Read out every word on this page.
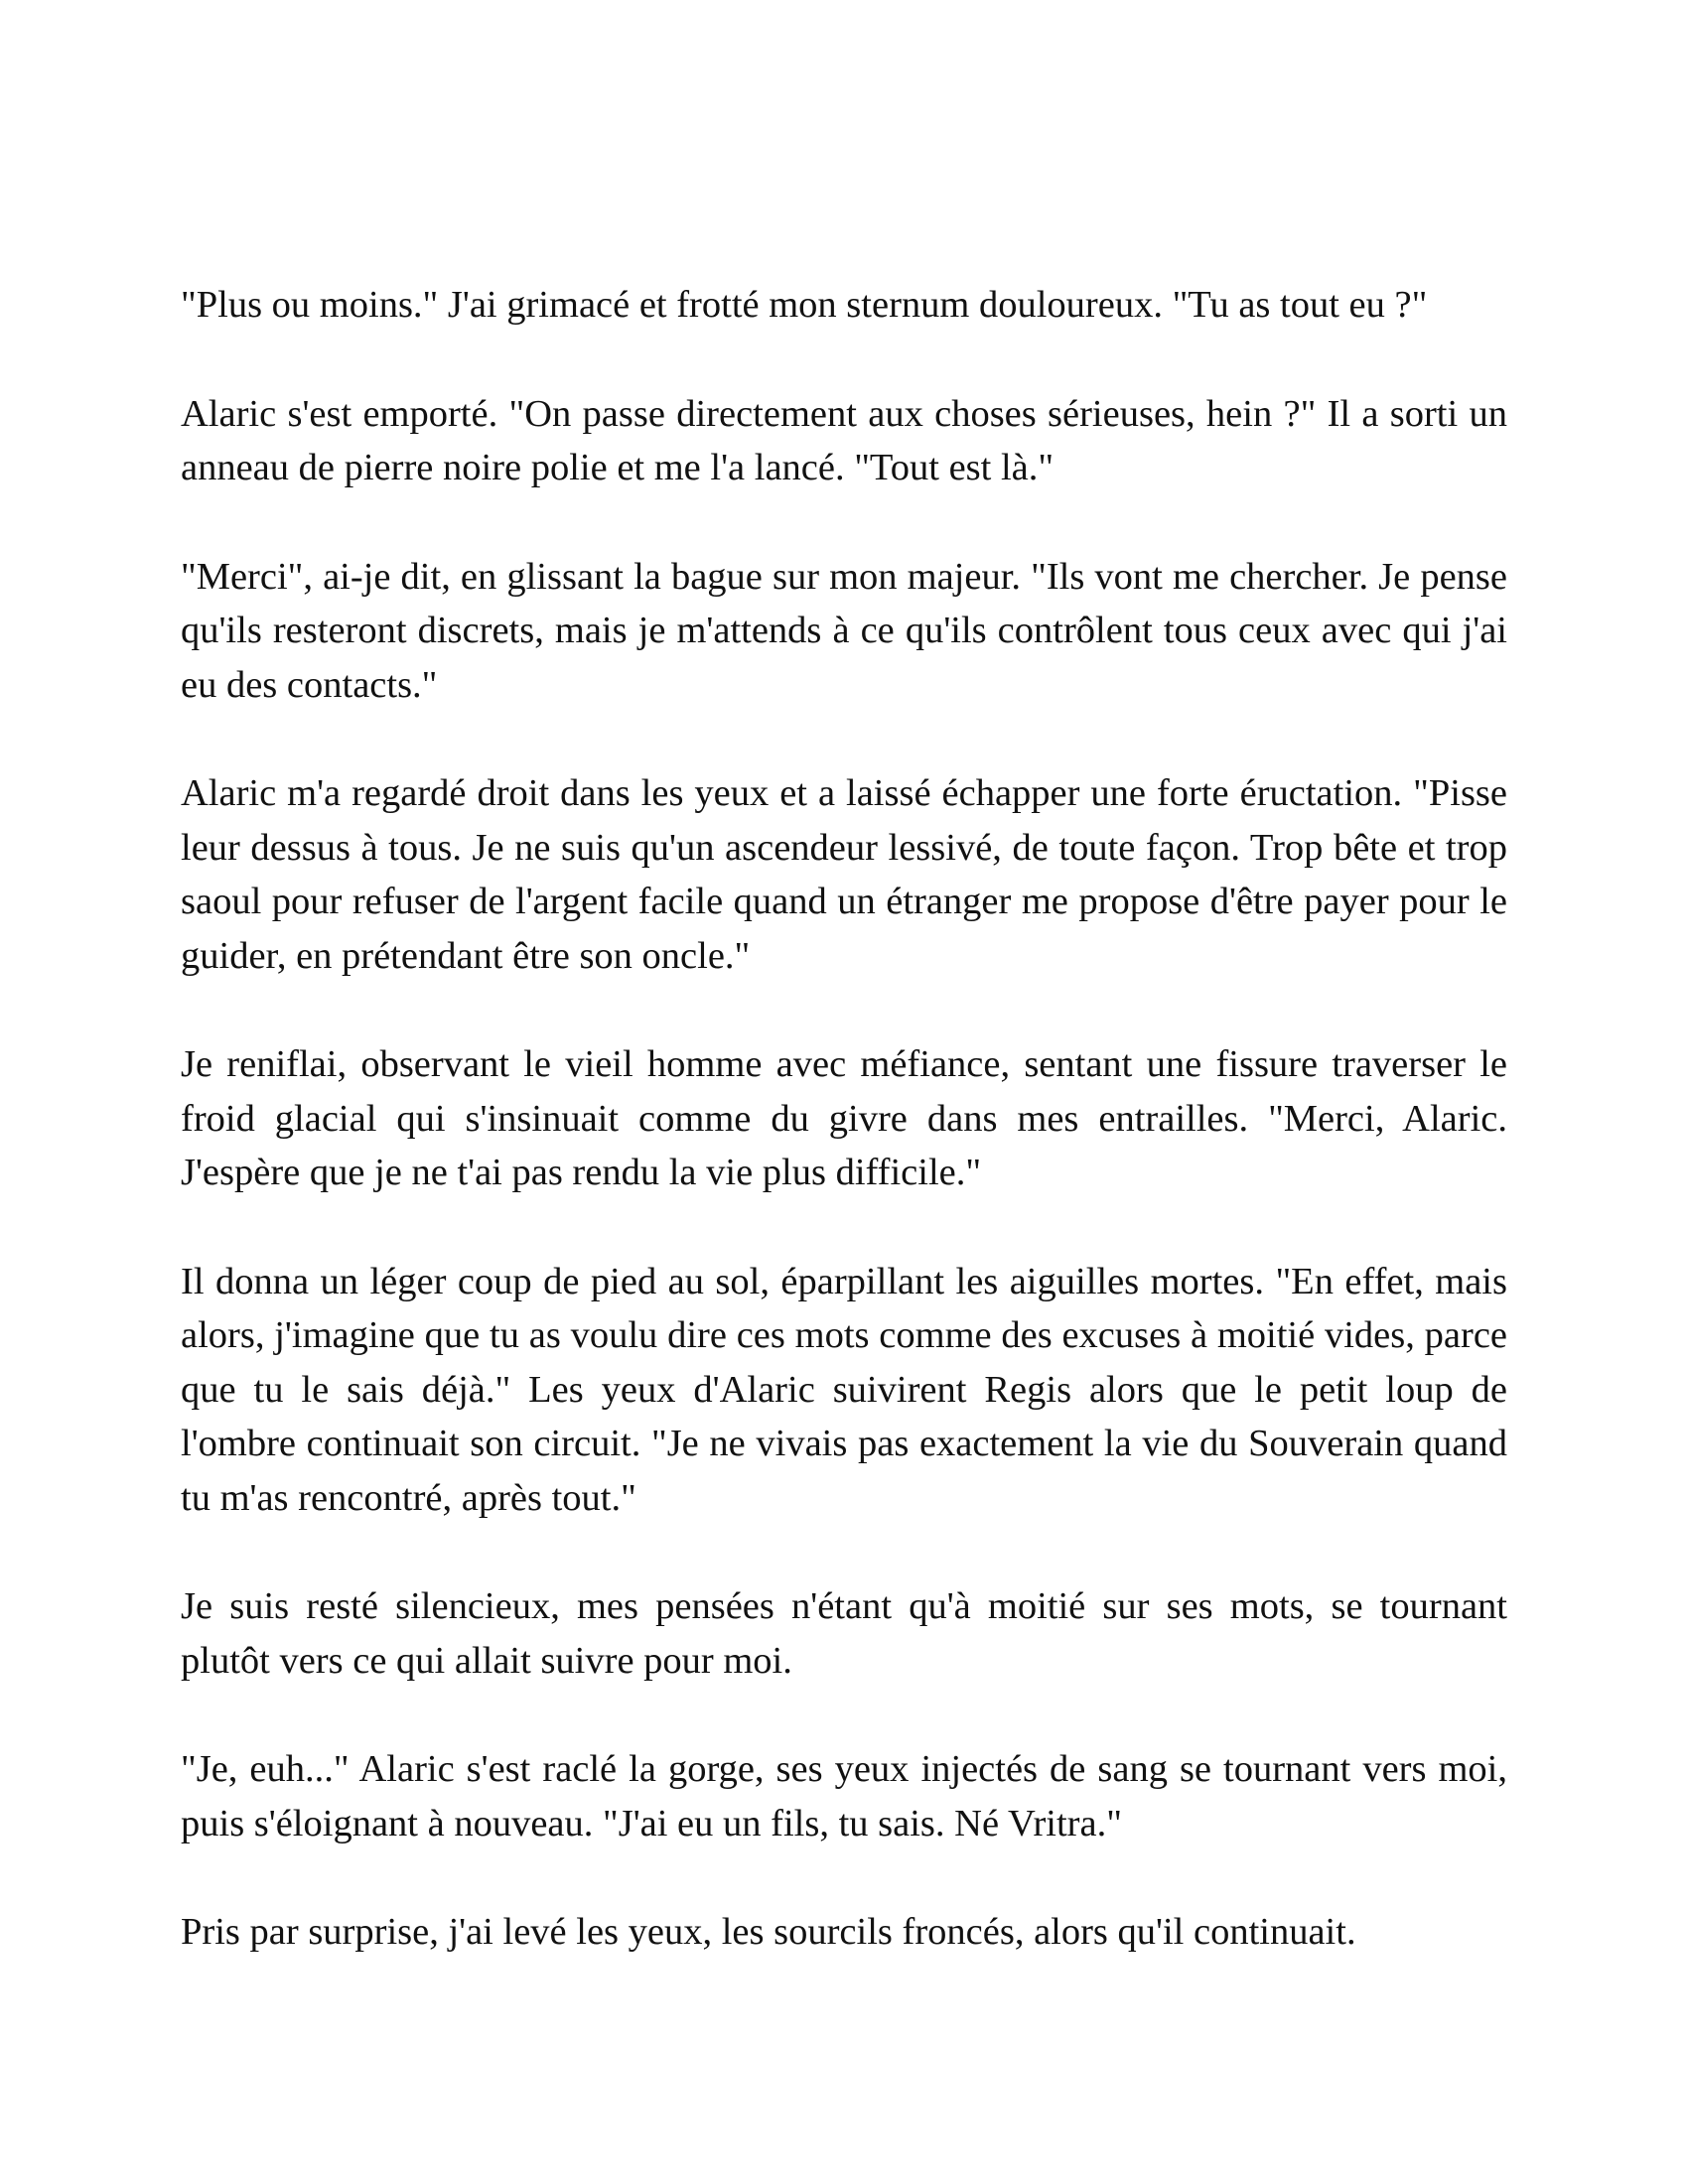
"Plus ou moins." J'ai grimacé et frotté mon sternum douloureux. "Tu as tout eu ?"

Alaric s'est emporté. "On passe directement aux choses sérieuses, hein ?" Il a sorti un anneau de pierre noire polie et me l'a lancé. "Tout est là."

"Merci", ai-je dit, en glissant la bague sur mon majeur. "Ils vont me chercher. Je pense qu'ils resteront discrets, mais je m'attends à ce qu'ils contrôlent tous ceux avec qui j'ai eu des contacts."

Alaric m'a regardé droit dans les yeux et a laissé échapper une forte éructation. "Pisse leur dessus à tous. Je ne suis qu'un ascendeur lessivé, de toute façon. Trop bête et trop saoul pour refuser de l'argent facile quand un étranger me propose d'être payer pour le guider, en prétendant être son oncle."

Je reniflai, observant le vieil homme avec méfiance, sentant une fissure traverser le froid glacial qui s'insinuait comme du givre dans mes entrailles. "Merci, Alaric. J'espère que je ne t'ai pas rendu la vie plus difficile."

Il donna un léger coup de pied au sol, éparpillant les aiguilles mortes. "En effet, mais alors, j'imagine que tu as voulu dire ces mots comme des excuses à moitié vides, parce que tu le sais déjà." Les yeux d'Alaric suivirent Regis alors que le petit loup de l'ombre continuait son circuit. "Je ne vivais pas exactement la vie du Souverain quand tu m'as rencontré, après tout."

Je suis resté silencieux, mes pensées n'étant qu'à moitié sur ses mots, se tournant plutôt vers ce qui allait suivre pour moi.

"Je, euh..." Alaric s'est raclé la gorge, ses yeux injectés de sang se tournant vers moi, puis s'éloignant à nouveau. "J'ai eu un fils, tu sais. Né Vritra."

Pris par surprise, j'ai levé les yeux, les sourcils froncés, alors qu'il continuait.
